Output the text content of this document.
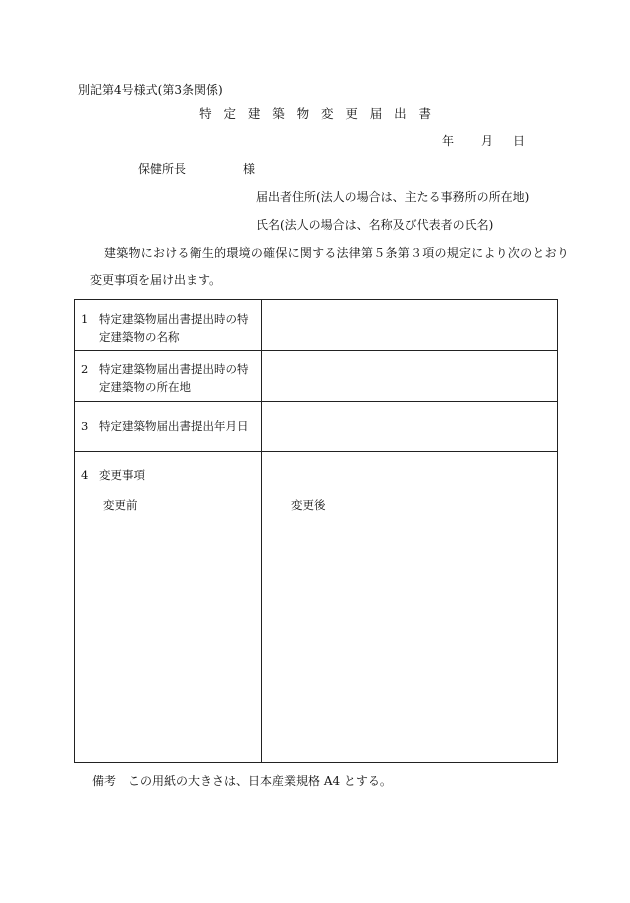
別記第4号様式(第3条関係)
特定建築物変更届出書
年 月 日
保健所長	様
届出者住所(法人の場合は、主たる事務所の所在地)
氏名(法人の場合は、名称及び代表者の氏名)
建築物における衛生的環境の確保に関する法律第５条第３項の規定により次のとおり
変更事項を届け出ます。
1 特定建築物届出書提出時の特
定建築物の名称
2 特定建築物届出書提出時の特
定建築物の所在地
3 特定建築物届出書提出年月日
4 変更事項
変更前	変更後
備考　この用紙の大きさは、日本産業規格 A4 とする。
